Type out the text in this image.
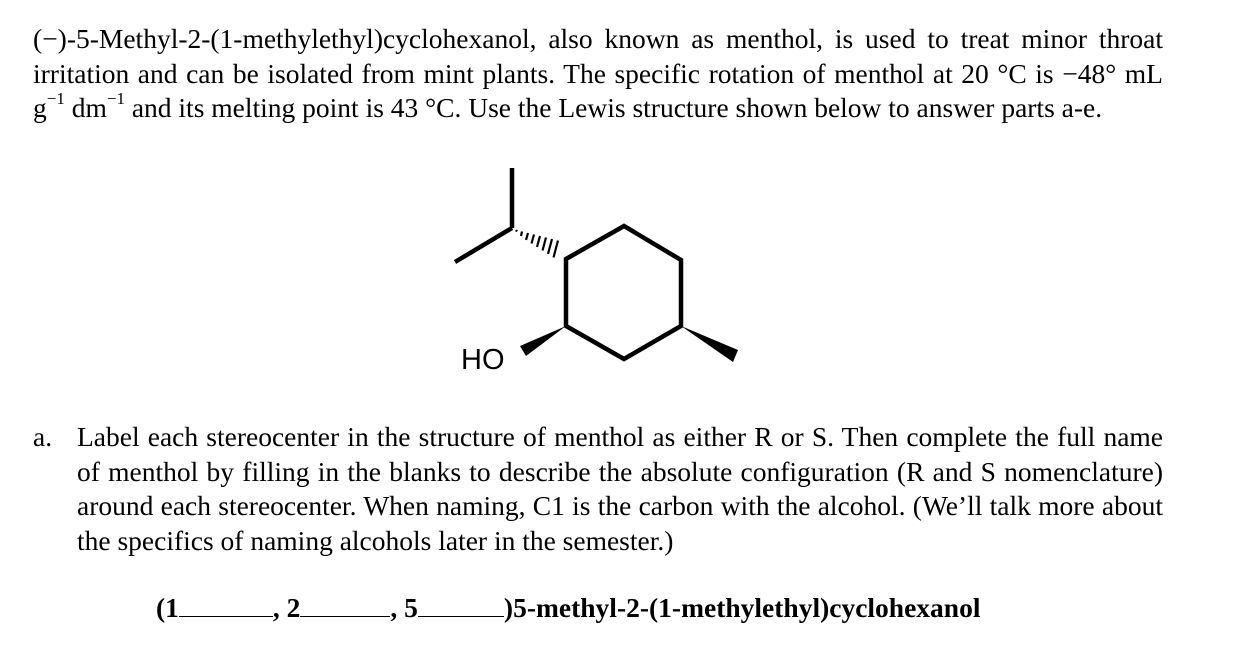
(−)-5-Methyl-2-(1-methylethyl)cyclohexanol, also known as menthol, is used to treat minor throat irritation and can be isolated from mint plants. The specific rotation of menthol at 20 °C is −48° mL $g^{-1}$ $dm^{-1}$ and its melting point is 43 °C. Use the Lewis structure shown below to answer parts a-e.
HO
a. Label each stereocenter in the structure of menthol as either R or S. Then complete the full name of menthol by filling in the blanks to describe the absolute configuration (R and S nomenclature) around each stereocenter. When naming, C1 is the carbon with the alcohol. (We’ll talk more about the specifics of naming alcohols later in the semester.)
(1	, 2	, 5	)5-methyl-2-(1-methylethyl)cyclohexanol
